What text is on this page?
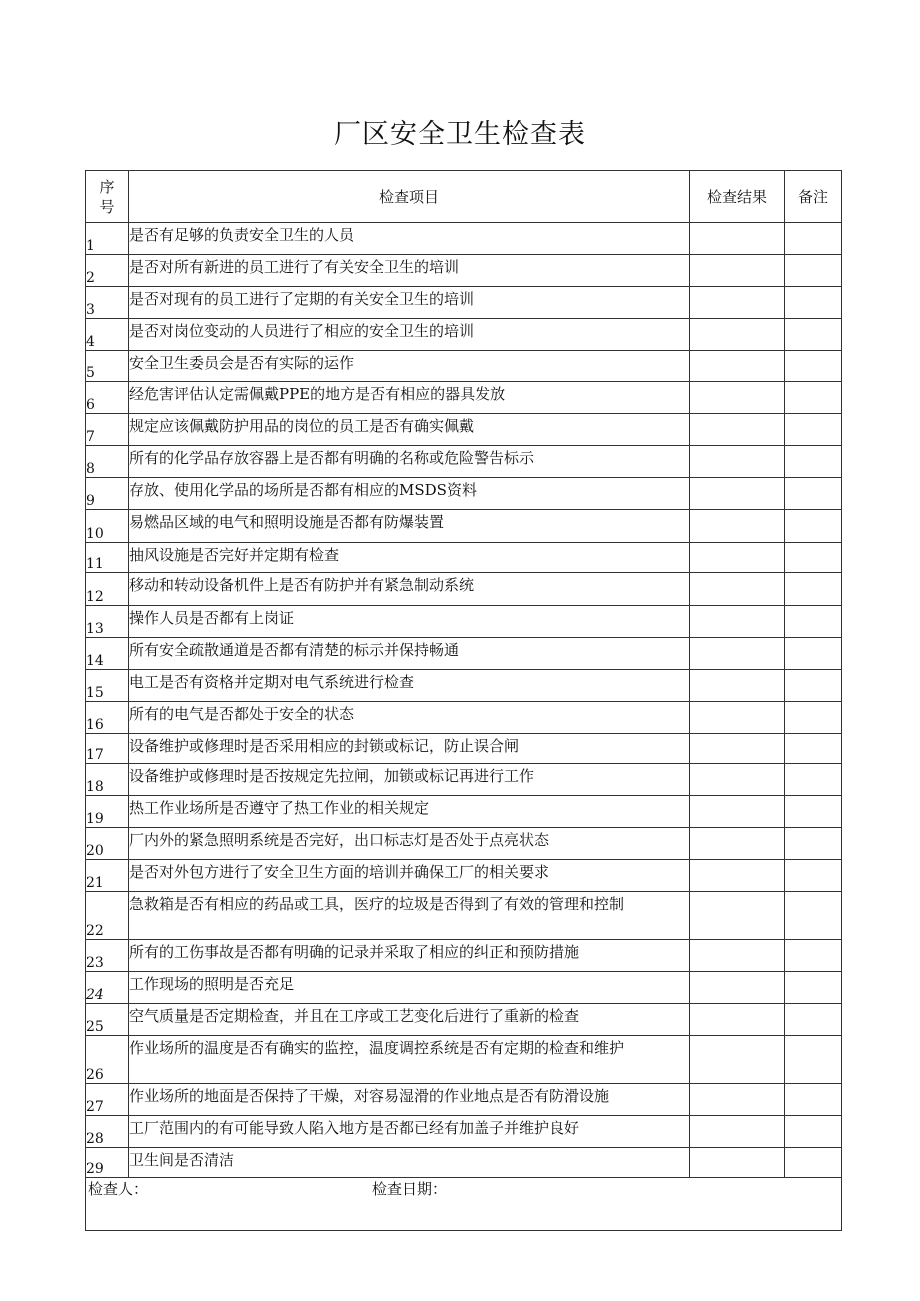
厂区安全卫生检查表
序
号	检查项目	检查结果	备注
1	是否有足够的负责安全卫生的人员		
2	是否对所有新进的员工进行了有关安全卫生的培训		
3	是否对现有的员工进行了定期的有关安全卫生的培训		
4	是否对岗位变动的人员进行了相应的安全卫生的培训		
5	安全卫生委员会是否有实际的运作		
6	经危害评估认定需佩戴PPE的地方是否有相应的器具发放		
7	规定应该佩戴防护用品的岗位的员工是否有确实佩戴		
8	所有的化学品存放容器上是否都有明确的名称或危险警告标示		
9	存放、使用化学品的场所是否都有相应的MSDS资料		
10	易燃品区域的电气和照明设施是否都有防爆装置		
11	抽风设施是否完好并定期有检查		
12	移动和转动设备机件上是否有防护并有紧急制动系统		
13	操作人员是否都有上岗证		
14	所有安全疏散通道是否都有清楚的标示并保持畅通		
15	电工是否有资格并定期对电气系统进行检查		
16	所有的电气是否都处于安全的状态		
17	设备维护或修理时是否采用相应的封锁或标记，防止误合闸		
18	设备维护或修理时是否按规定先拉闸，加锁或标记再进行工作		
19	热工作业场所是否遵守了热工作业的相关规定		
20	厂内外的紧急照明系统是否完好，出口标志灯是否处于点亮状态		
21	是否对外包方进行了安全卫生方面的培训并确保工厂的相关要求		
22	急救箱是否有相应的药品或工具，医疗的垃圾是否得到了有效的管理和控制		
23	所有的工伤事故是否都有明确的记录并采取了相应的纠正和预防措施		
24	工作现场的照明是否充足		
25	空气质量是否定期检查，并且在工序或工艺变化后进行了重新的检查		
26	作业场所的温度是否有确实的监控，温度调控系统是否有定期的检查和维护		
27	作业场所的地面是否保持了干燥，对容易湿滑的作业地点是否有防滑设施		
28	工厂范围内的有可能导致人陷入地方是否都已经有加盖子并维护良好		
29	卫生间是否清洁		
检查人： 检查日期：			
